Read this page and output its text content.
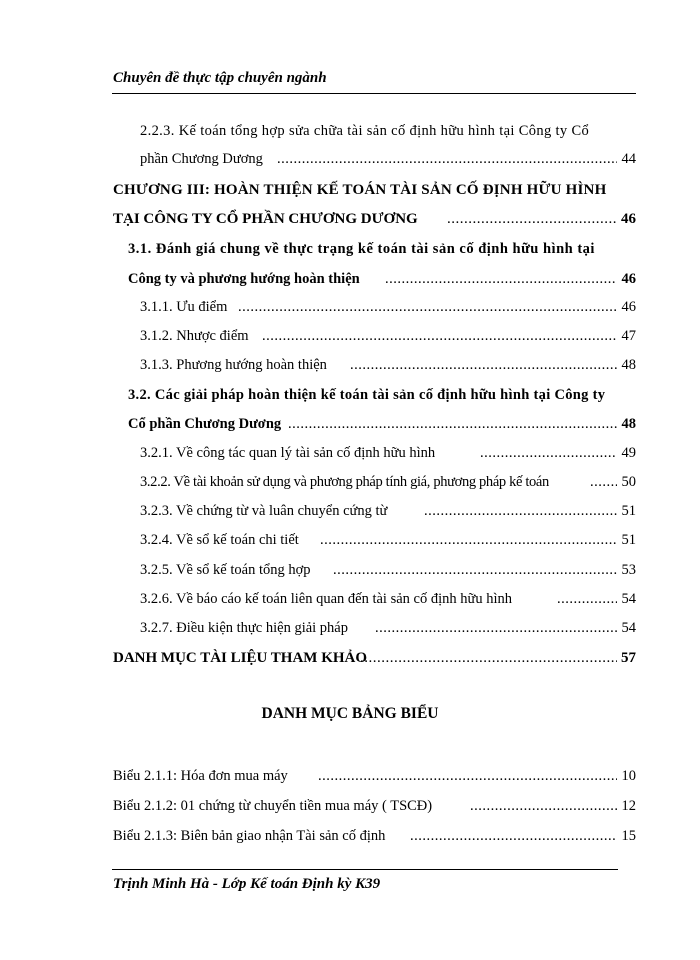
Chuyên đề thực tập chuyên ngành
2.2.3. Kế toán tổng hợp sửa chữa tài sản cố định hữu hình tại Công ty Cổ
phần Chương Dương .....	44
CHƯƠNG III: HOÀN THIỆN KẾ TOÁN TÀI SẢN CỐ ĐỊNH HỮU HÌNH
TẠI CÔNG TY CỔ PHẦN CHƯƠNG DƯƠNG .....	46
3.1. Đánh giá chung về thực trạng kế toán tài sản cố định hữu hình tại
Công ty và phương hướng hoàn thiện .....	46
3.1.1. Ưu điểm .....	46
3.1.2. Nhược điểm .....	47
3.1.3. Phương hướng hoàn thiện .....	48
3.2. Các giải pháp hoàn thiện kế toán tài sản cố định hữu hình tại Công ty
Cổ phần Chương Dương .....	48
3.2.1. Về công tác quan lý tài sản cố định hữu hình .....	49
3.2.2. Về tài khoản sử dụng và phương pháp tính giá, phương pháp kế toán .....	50
3.2.3. Về chứng từ và luân chuyển cứng từ .....	51
3.2.4. Về sổ kế toán chi tiết .....	51
3.2.5. Về sổ kế toán tổng hợp .....	53
3.2.6. Về báo cáo kế toán liên quan đến tài sản cố định hữu hình .....	54
3.2.7. Điều kiện thực hiện giải pháp .....	54
DANH MỤC TÀI LIỆU THAM KHẢO .....	57
DANH MỤC BẢNG BIỂU
Biểu 2.1.1: Hóa đơn mua máy .....	10
Biểu 2.1.2: 01 chứng từ chuyển tiền mua máy ( TSCĐ) .....	12
Biểu 2.1.3: Biên bản giao nhận Tài sản cố định .....	15
Trịnh Minh Hà - Lớp Kế toán Định kỳ K39
